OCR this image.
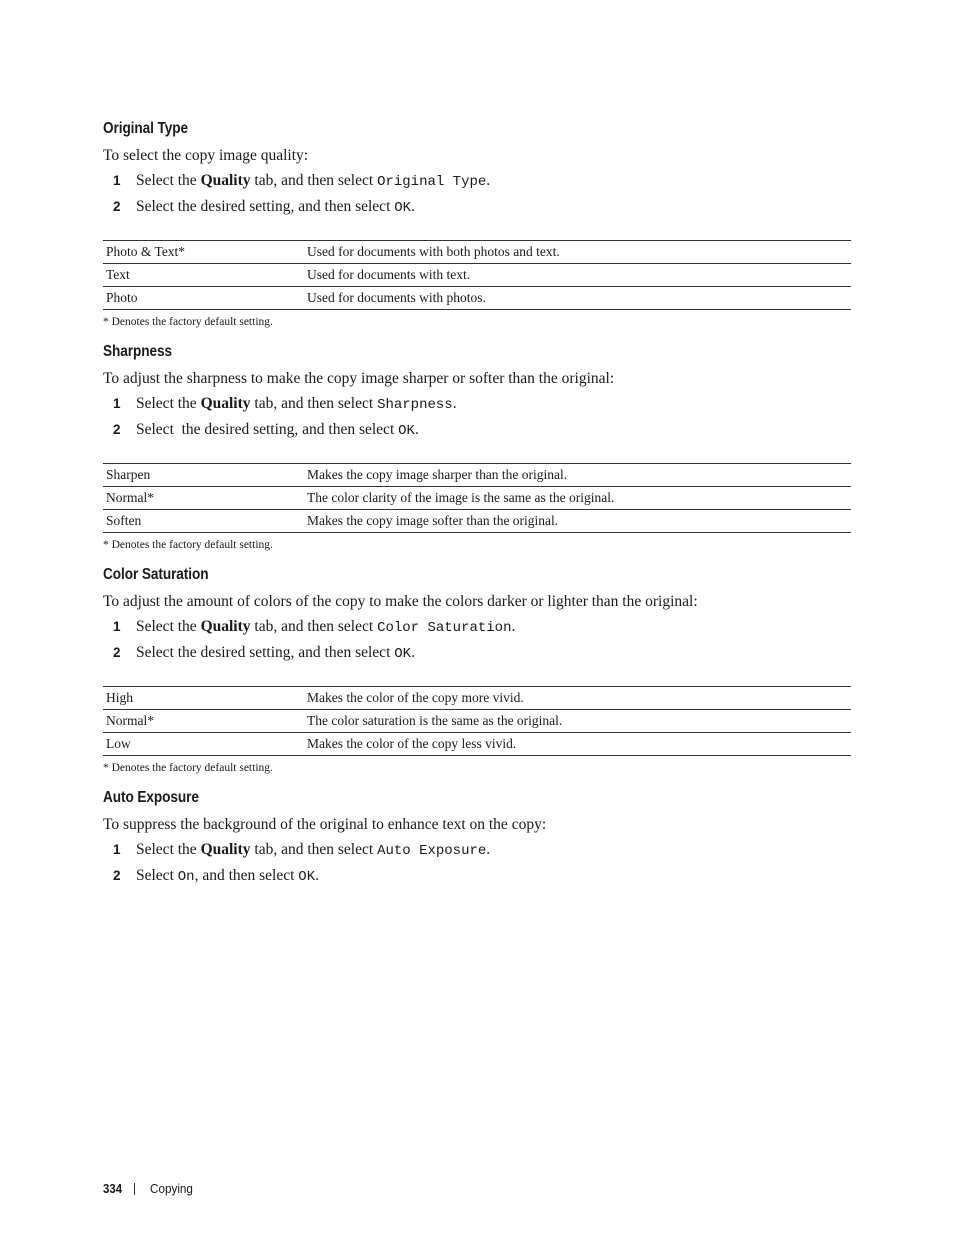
Original Type

To select the copy image quality:

1 Select the Quality tab, and then select Original Type.
2 Select the desired setting, and then select OK.
Photo & Text*	Used for documents with both photos and text.
Text	Used for documents with text.
Photo	Used for documents with photos.

* Denotes the factory default setting.

Sharpness

To adjust the sharpness to make the copy image sharper or softer than the original:

1 Select the Quality tab, and then select Sharpness.
2 Select  the desired setting, and then select OK.
Sharpen	Makes the copy image sharper than the original.
Normal*	The color clarity of the image is the same as the original.
Soften	Makes the copy image softer than the original.

* Denotes the factory default setting.

Color Saturation

To adjust the amount of colors of the copy to make the colors darker or lighter than the original:

1 Select the Quality tab, and then select Color Saturation.
2 Select the desired setting, and then select OK.
High	Makes the color of the copy more vivid.
Normal*	The color saturation is the same as the original.
Low	Makes the color of the copy less vivid.

* Denotes the factory default setting.

Auto Exposure

To suppress the background of the original to enhance text on the copy:

1 Select the Quality tab, and then select Auto Exposure.
2 Select On, and then select OK.
334 Copying
